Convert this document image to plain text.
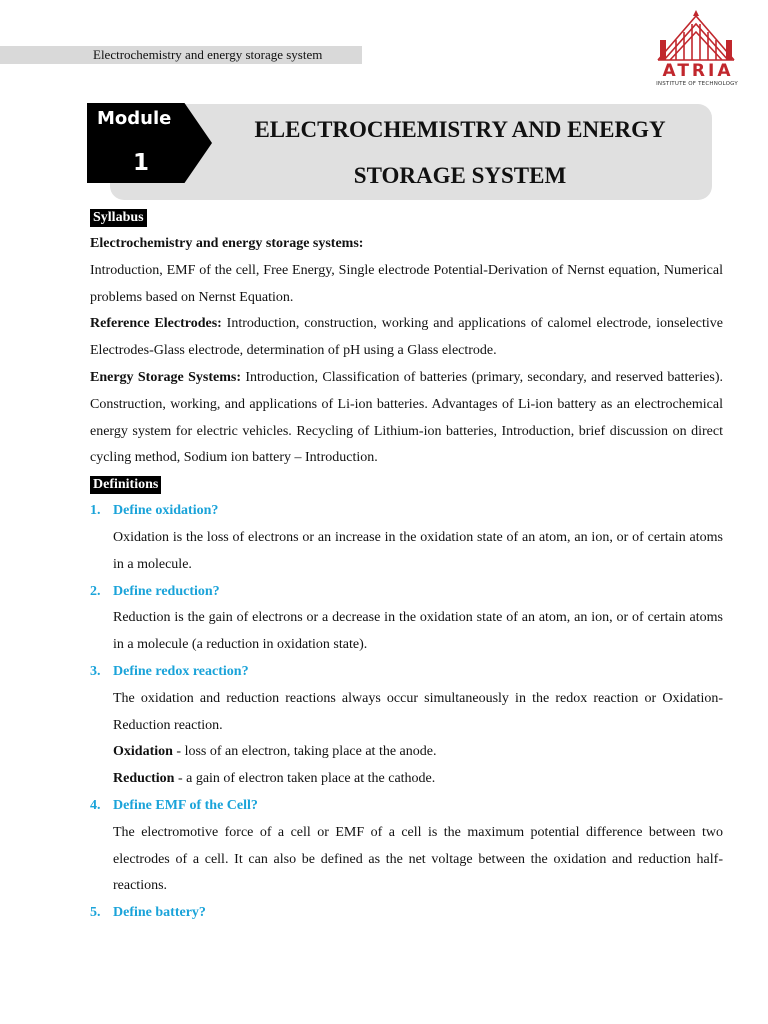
Electrochemistry and energy storage system
ATRIA
INSTITUTE OF TECHNOLOGY
Module
1
ELECTROCHEMISTRY AND ENERGY
STORAGE SYSTEM
Syllabus
Electrochemistry and energy storage systems:
Introduction, EMF of the cell, Free Energy, Single electrode Potential-Derivation of Nernst equation, Numerical problems based on Nernst Equation.
Reference Electrodes: Introduction, construction, working and applications of calomel electrode, ionselective Electrodes-Glass electrode, determination of pH using a Glass electrode.
Energy Storage Systems: Introduction, Classification of batteries (primary, secondary, and reserved batteries). Construction, working, and applications of Li-ion batteries. Advantages of Li-ion battery as an electrochemical energy system for electric vehicles. Recycling of Lithium-ion batteries, Introduction, brief discussion on direct cycling method, Sodium ion battery – Introduction.
Definitions
1. Define oxidation?
Oxidation is the loss of electrons or an increase in the oxidation state of an atom, an ion, or of certain atoms in a molecule.
2. Define reduction?
Reduction is the gain of electrons or a decrease in the oxidation state of an atom, an ion, or of certain atoms in a molecule (a reduction in oxidation state).
3. Define redox reaction?
The oxidation and reduction reactions always occur simultaneously in the redox reaction or Oxidation-Reduction reaction.
Oxidation - loss of an electron, taking place at the anode.
Reduction - a gain of electron taken place at the cathode.
4. Define EMF of the Cell?
The electromotive force of a cell or EMF of a cell is the maximum potential difference between two electrodes of a cell. It can also be defined as the net voltage between the oxidation and reduction half-reactions.
5. Define battery?
